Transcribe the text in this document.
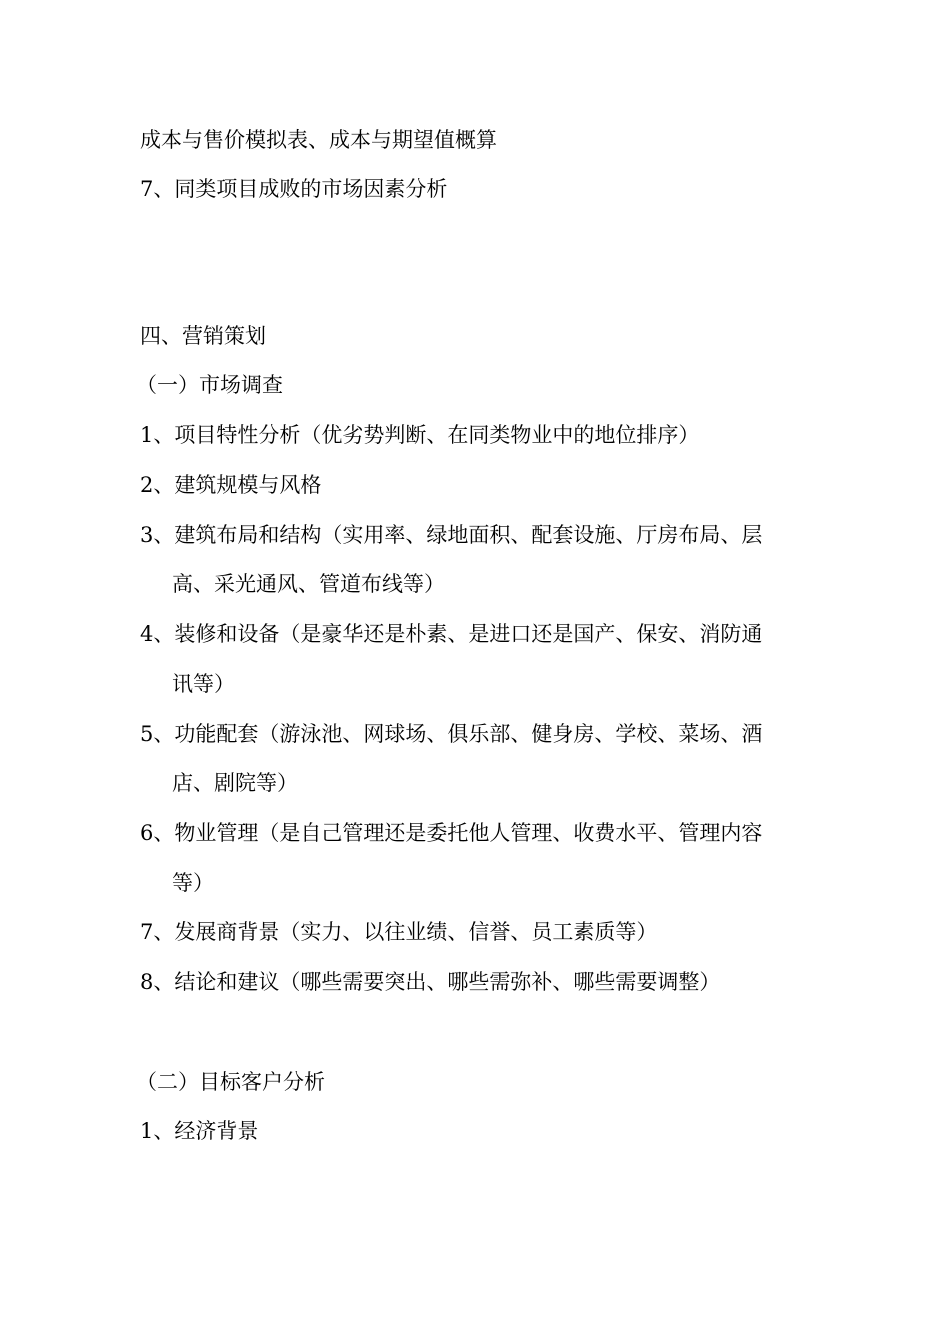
成本与售价模拟表、成本与期望值概算
7、同类项目成败的市场因素分析
四、营销策划
（一）市场调查
1、项目特性分析（优劣势判断、在同类物业中的地位排序）
2、建筑规模与风格
3、建筑布局和结构（实用率、绿地面积、配套设施、厅房布局、层
高、采光通风、管道布线等）
4、装修和设备（是豪华还是朴素、是进口还是国产、保安、消防通
讯等）
5、功能配套（游泳池、网球场、俱乐部、健身房、学校、菜场、酒
店、剧院等）
6、物业管理（是自己管理还是委托他人管理、收费水平、管理内容
等）
7、发展商背景（实力、以往业绩、信誉、员工素质等）
8、结论和建议（哪些需要突出、哪些需弥补、哪些需要调整）
（二）目标客户分析
1、经济背景
